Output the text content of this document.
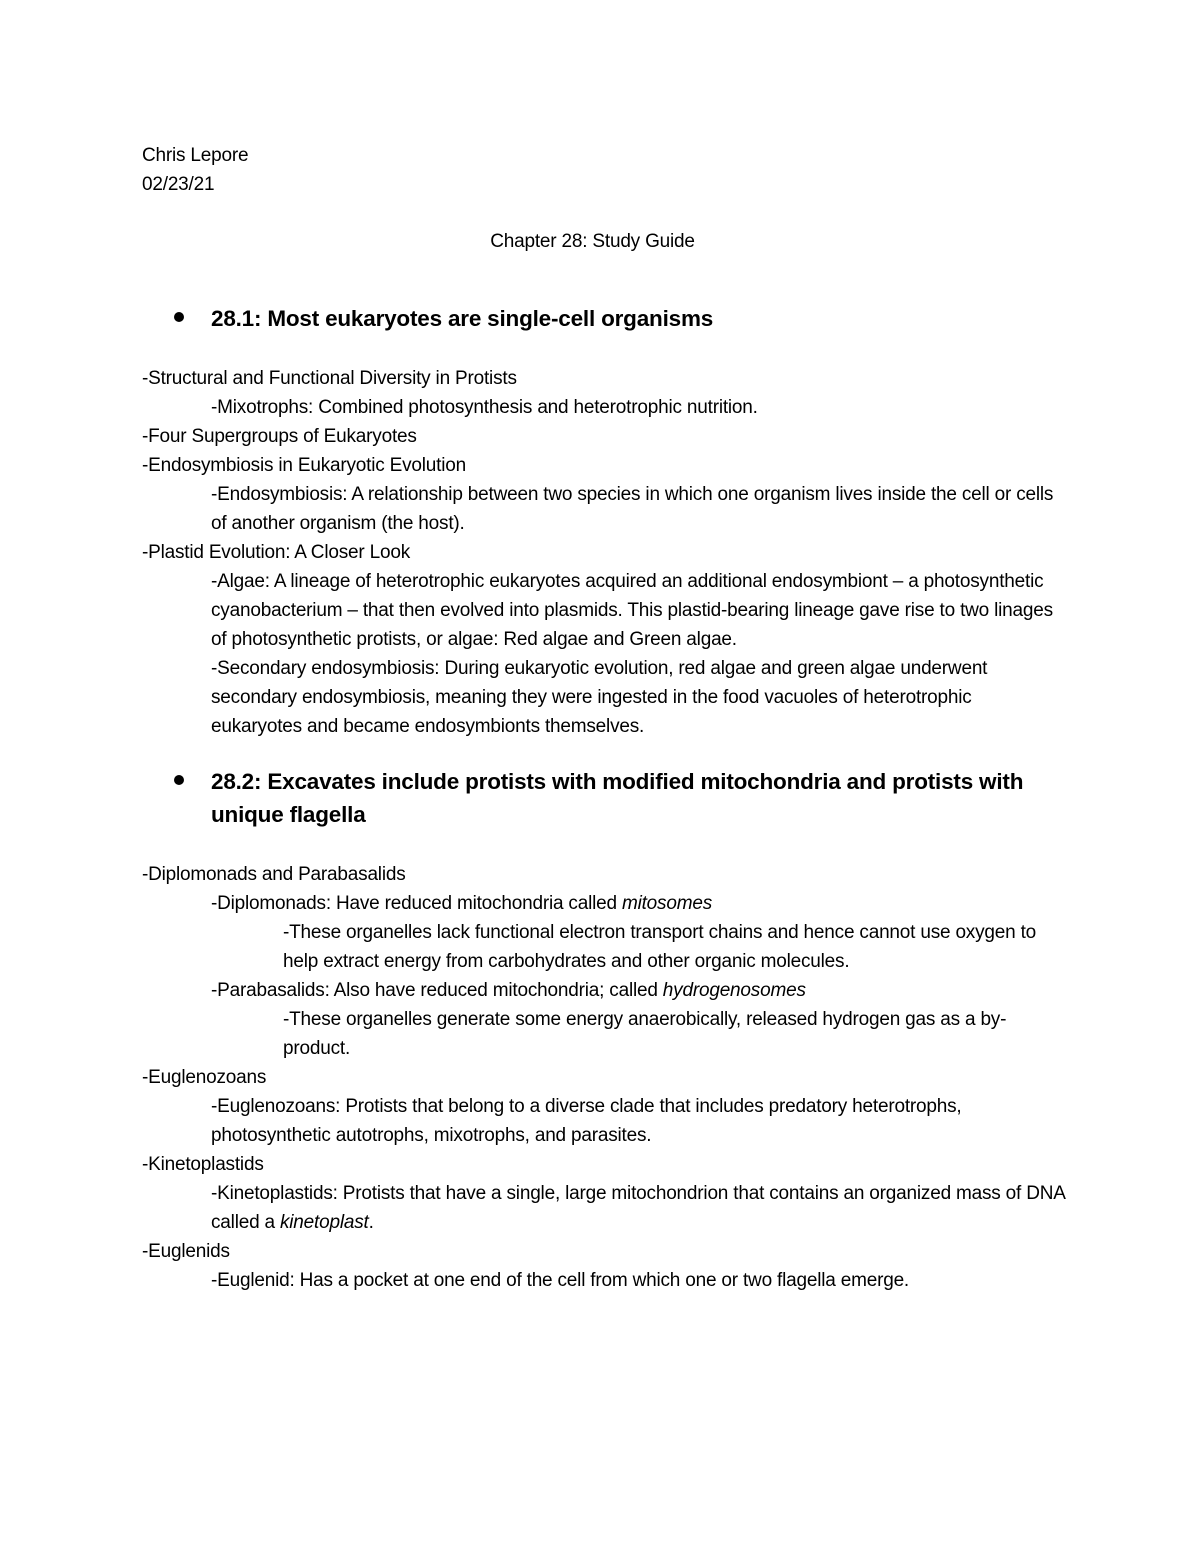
Chris Lepore

02/23/21

Chapter 28: Study Guide

28.1: Most eukaryotes are single-cell organisms

-Structural and Functional Diversity in Protists

-Mixotrophs: Combined photosynthesis and heterotrophic nutrition.

-Four Supergroups of Eukaryotes

-Endosymbiosis in Eukaryotic Evolution

-Endosymbiosis: A relationship between two species in which one organism lives inside the cell or cells of another organism (the host).

-Plastid Evolution: A Closer Look

-Algae: A lineage of heterotrophic eukaryotes acquired an additional endosymbiont – a photosynthetic cyanobacterium – that then evolved into plasmids. This plastid-bearing lineage gave rise to two linages of photosynthetic protists, or algae: Red algae and Green algae.

-Secondary endosymbiosis: During eukaryotic evolution, red algae and green algae underwent secondary endosymbiosis, meaning they were ingested in the food vacuoles of heterotrophic eukaryotes and became endosymbionts themselves.

28.2: Excavates include protists with modified mitochondria and protists with unique flagella

-Diplomonads and Parabasalids

-Diplomonads: Have reduced mitochondria called mitosomes

-These organelles lack functional electron transport chains and hence cannot use oxygen to help extract energy from carbohydrates and other organic molecules.

-Parabasalids: Also have reduced mitochondria; called hydrogenosomes

-These organelles generate some energy anaerobically, released hydrogen gas as a by-product.

-Euglenozoans

-Euglenozoans: Protists that belong to a diverse clade that includes predatory heterotrophs, photosynthetic autotrophs, mixotrophs, and parasites.

-Kinetoplastids

-Kinetoplastids: Protists that have a single, large mitochondrion that contains an organized mass of DNA called a kinetoplast.

-Euglenids

-Euglenid: Has a pocket at one end of the cell from which one or two flagella emerge.
